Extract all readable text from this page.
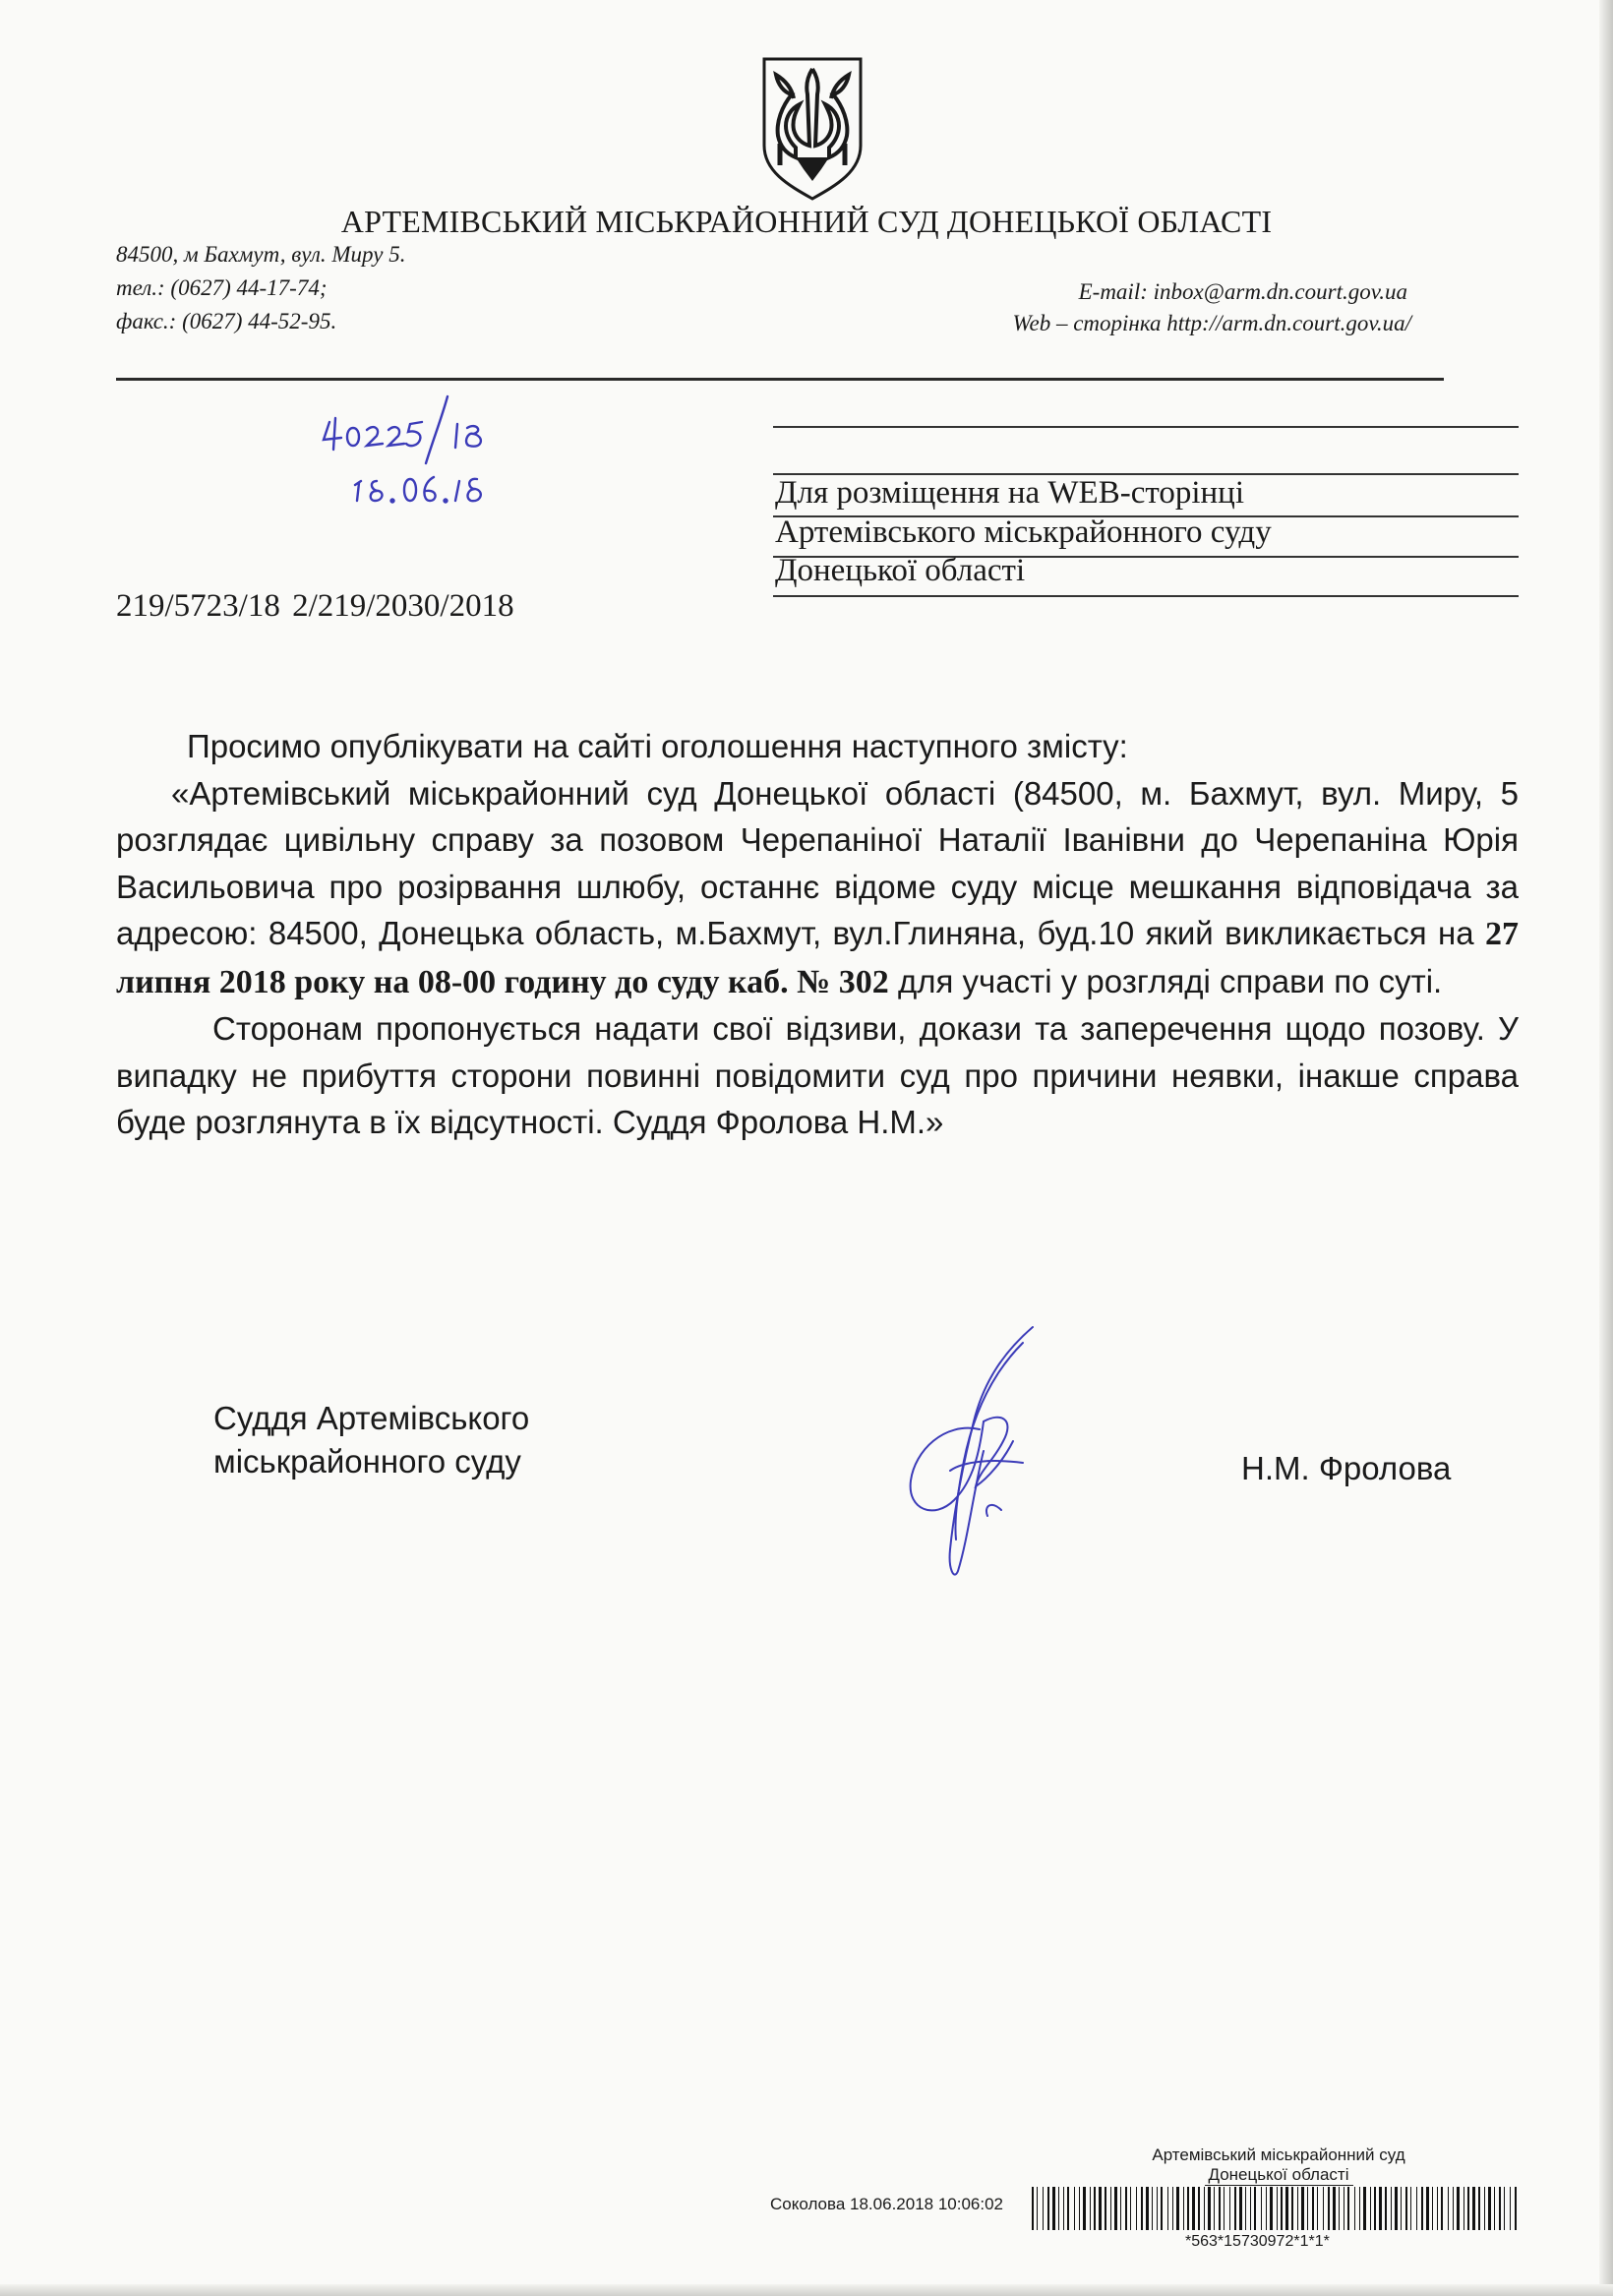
АРТЕМІВСЬКИЙ МІСЬКРАЙОННИЙ СУД ДОНЕЦЬКОЇ ОБЛАСТІ
84500, м Бахмут, вул. Миру 5.
тел.: (0627) 44-17-74;
факс.: (0627) 44-52-95.
E-mail: inbox@arm.dn.court.gov.ua
Web – сторінка http://arm.dn.court.gov.ua/
Для розміщення на WEB-сторінці
Артемівського міськрайонного суду
Донецької області
219/5723/18 2/219/2030/2018

Просимо опублікувати на сайті оголошення наступного змісту:

«Артемівський міськрайонний суд Донецької області (84500, м. Бахмут, вул. Миру, 5 розглядає цивільну справу за позовом Черепаніної Наталії Іванівни до Черепаніна Юрія Васильовича про розірвання шлюбу, останнє відоме суду місце мешкання відповідача за адресою: 84500, Донецька область, м.Бахмут, вул.Глиняна, буд.10 який викликається на 27 липня 2018 року на 08-00 годину до суду каб. № 302 для участі у розгляді справи по суті.

Сторонам пропонується надати свої відзиви, докази та заперечення щодо позову. У випадку не прибуття сторони повинні повідомити суд про причини неявки, інакше справа буде розглянута в їх відсутності. Суддя Фролова Н.М.»

Суддя Артемівського
міськрайонного суду	Н.М. Фролова
Артемівський міськрайонний суд
Донецької області
Соколова 18.06.2018 10:06:02
*563*15730972*1*1*
